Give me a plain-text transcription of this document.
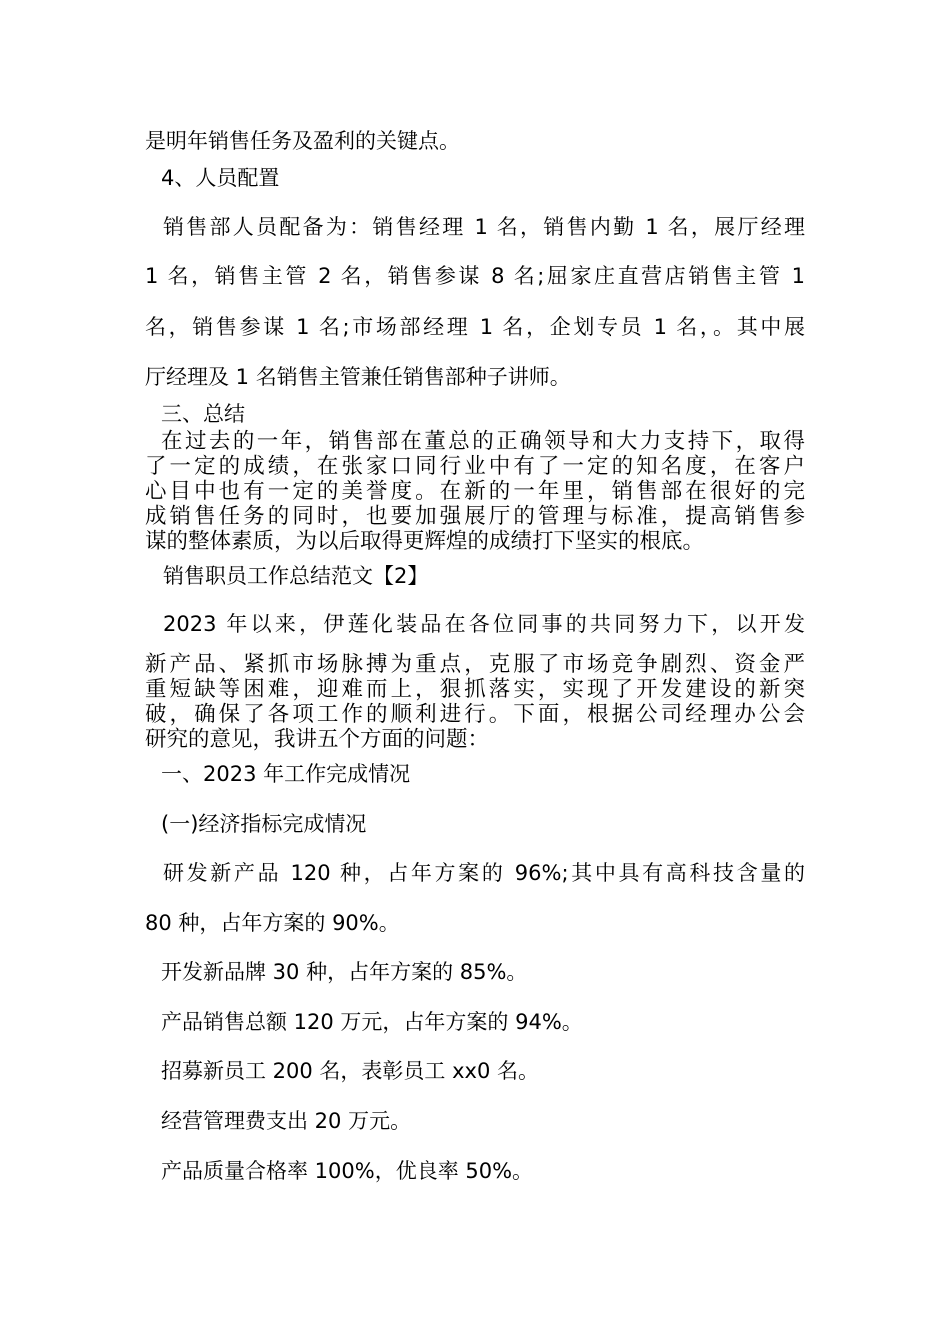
是明年销售任务及盈利的关键点。

4、人员配置

销售部人员配备为：销售经理 1 名，销售内勤 1 名，展厅经理

1 名，销售主管 2 名，销售参谋 8 名;屈家庄直营店销售主管 1

名，销售参谋 1 名;市场部经理 1 名，企划专员 1 名，。其中展

厅经理及 1 名销售主管兼任销售部种子讲师。

三、总结

在过去的一年，销售部在董总的正确领导和大力支持下，取得

了一定的成绩，在张家口同行业中有了一定的知名度，在客户

心目中也有一定的美誉度。在新的一年里，销售部在很好的完

成销售任务的同时，也要加强展厅的管理与标准，提高销售参

谋的整体素质，为以后取得更辉煌的成绩打下坚实的根底。

销售职员工作总结范文【2】

2023 年以来，伊莲化装品在各位同事的共同努力下，以开发

新产品、紧抓市场脉搏为重点，克服了市场竞争剧烈、资金严

重短缺等困难，迎难而上，狠抓落实，实现了开发建设的新突

破，确保了各项工作的顺利进行。下面，根据公司经理办公会

研究的意见，我讲五个方面的问题：

一、2023 年工作完成情况

(一)经济指标完成情况

研发新产品 120 种，占年方案的 96%;其中具有高科技含量的

80 种，占年方案的 90%。

开发新品牌 30 种，占年方案的 85%。

产品销售总额 120 万元，占年方案的 94%。

招募新员工 200 名，表彰员工 xx0 名。

经营管理费支出 20 万元。

产品质量合格率 100%，优良率 50%。
